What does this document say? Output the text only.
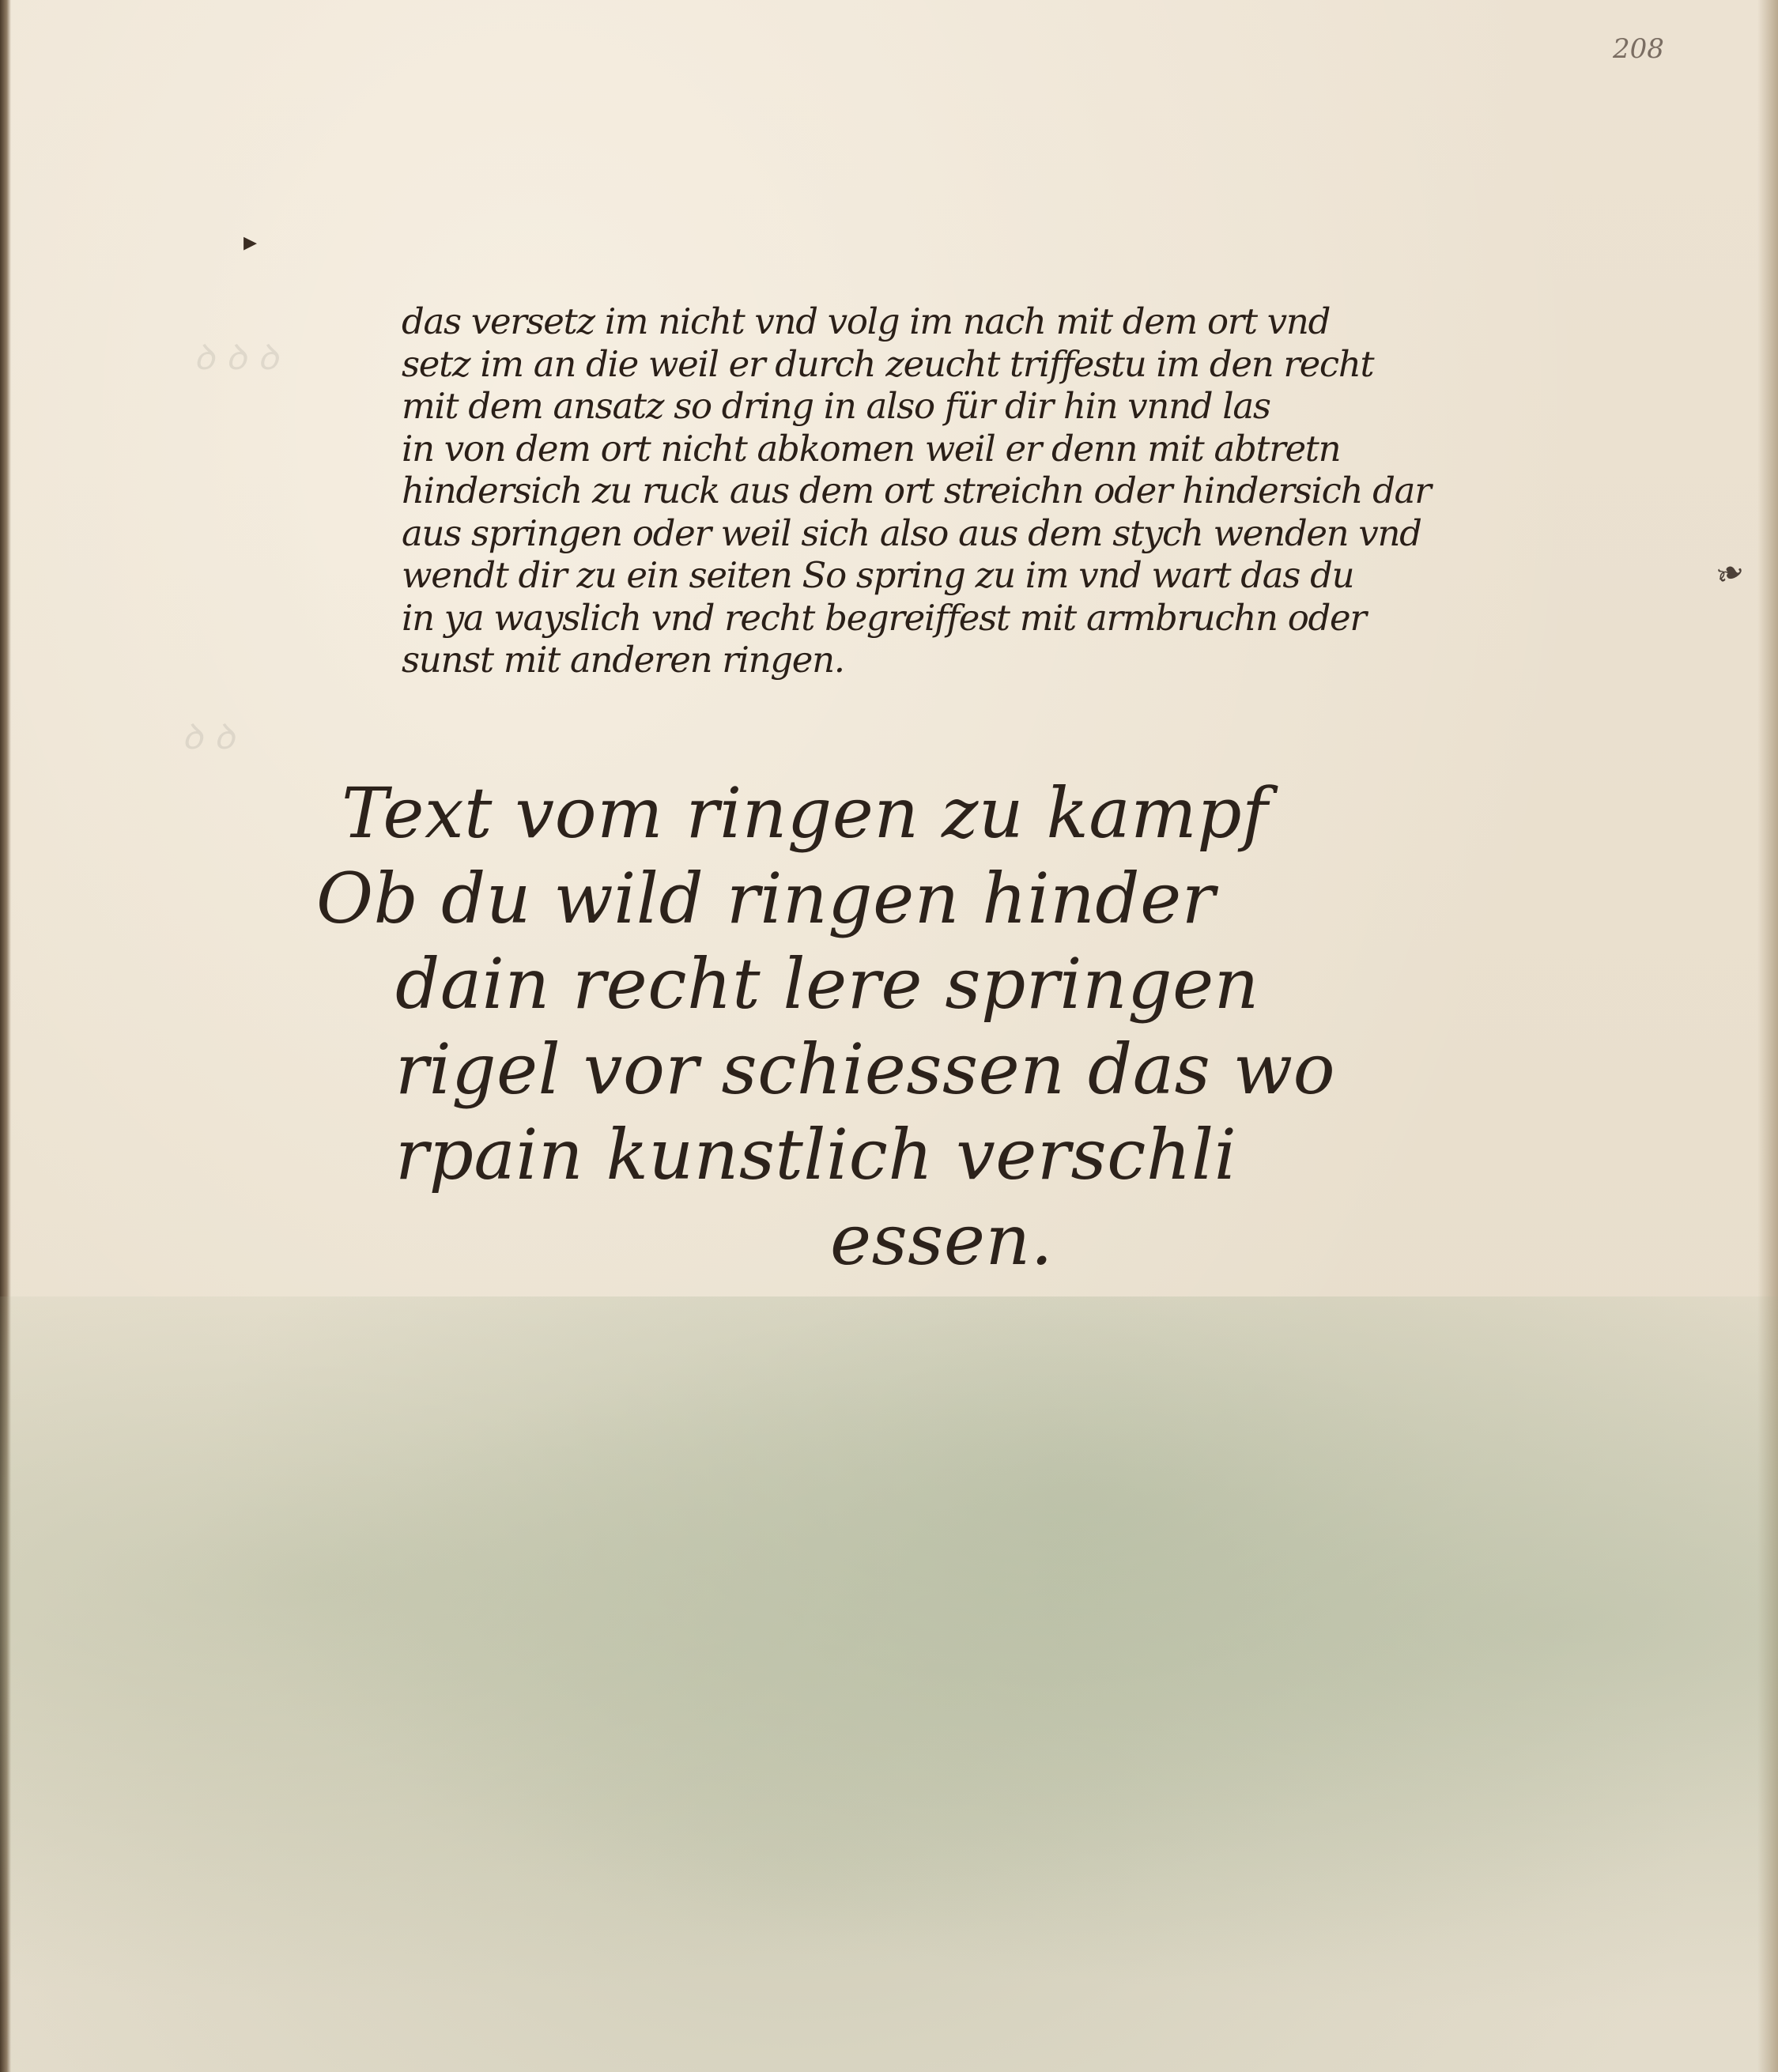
ꝺ ꝺ ꝺ
ꝺ ꝺ
208
▸
❧
das versetz im nicht vnd volg im nach mit dem ort vnd
setz im an die weil er durch zeucht triffestu im den recht
mit dem ansatz so dring in also für dir hin vnnd las
in von dem ort nicht abkomen weil er denn mit abtretn
hindersich zu ruck aus dem ort streichn oder hindersich dar
aus springen oder weil sich also aus dem stych wenden vnd
wendt dir zu ein seiten So spring zu im vnd wart das du
in ya wayslich vnd recht begreiffest mit armbruchn oder
sunst mit anderen ringen.
Text vom ringen zu kampf
Ob du wild ringen hinder
dain recht lere springen
rigel vor schiessen das wo
rpain kunstlich verschli
essen.
